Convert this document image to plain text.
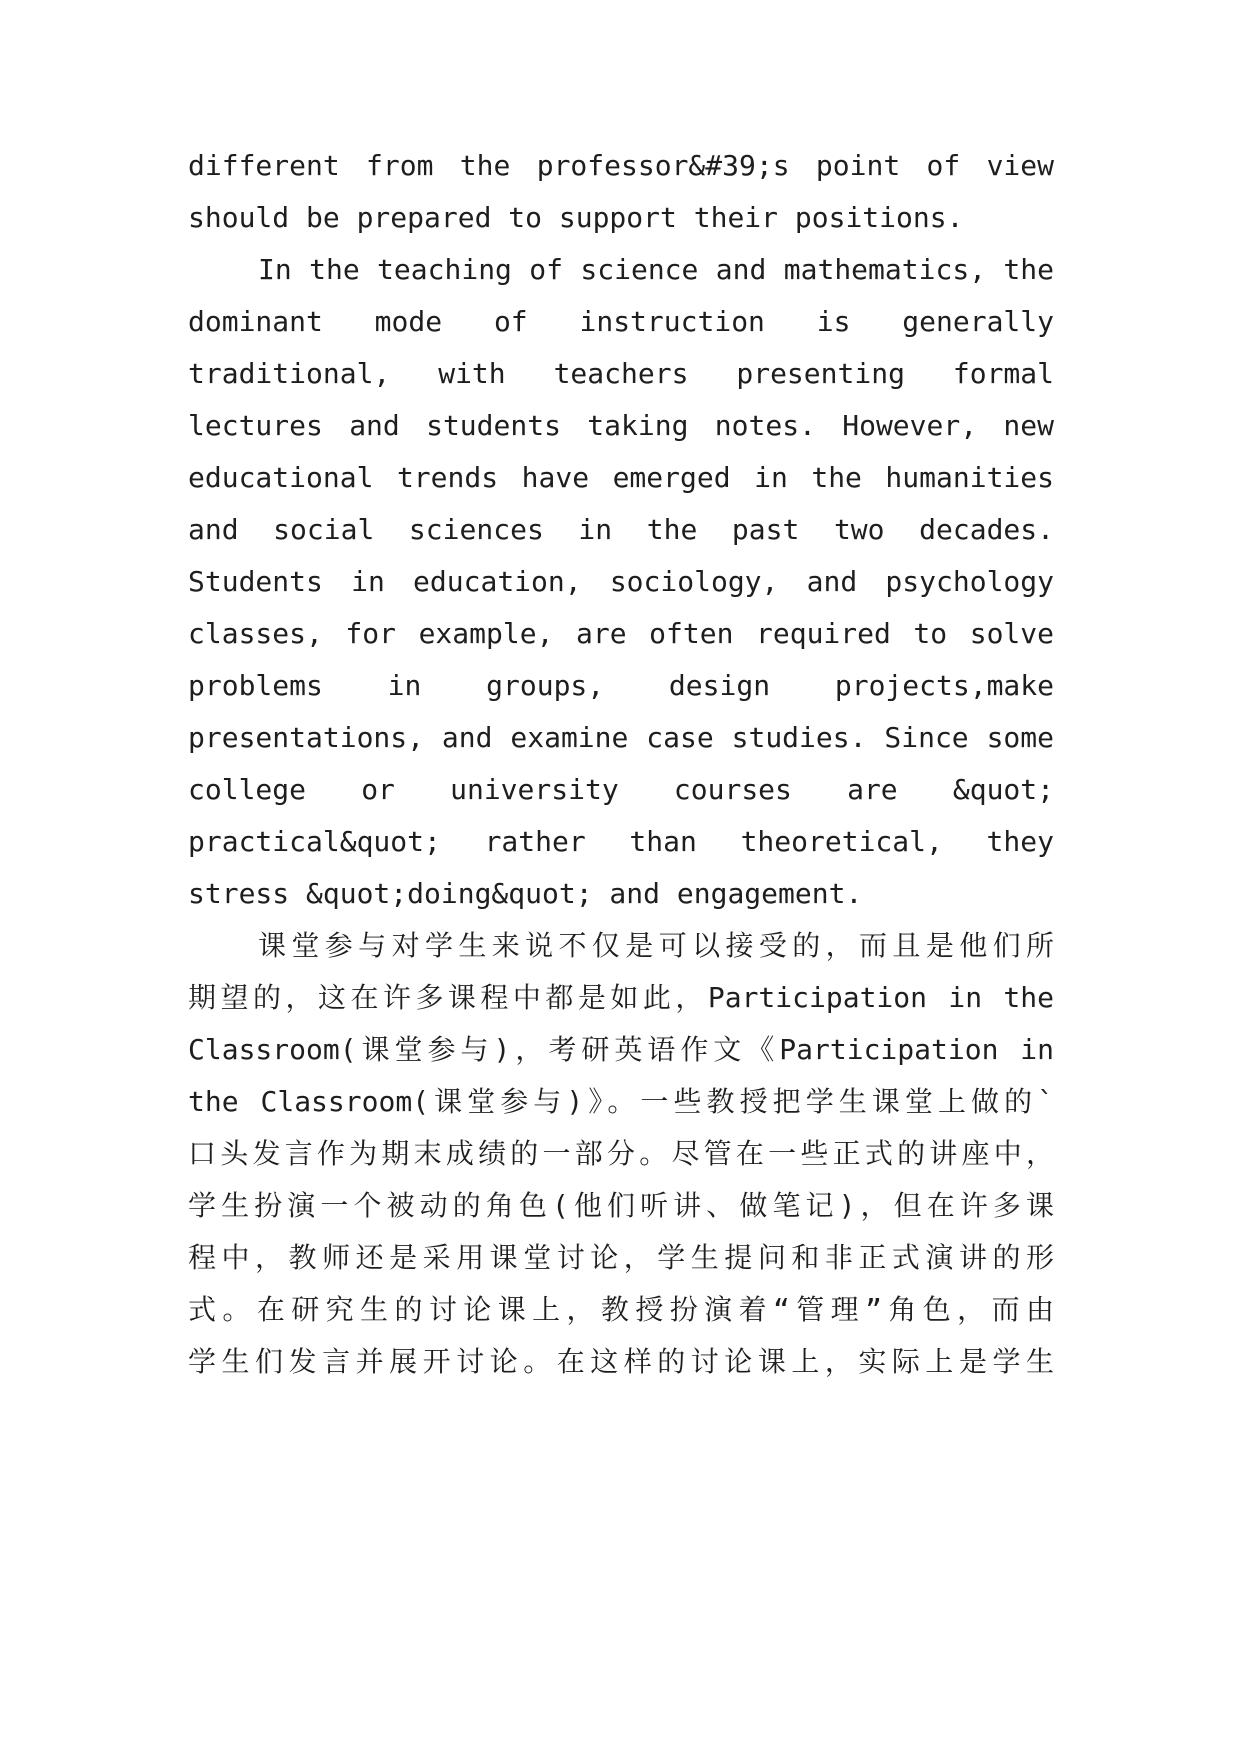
different from the professor&#39;s point of view
should be prepared to support their positions.
In the teaching of science and mathematics, the
dominant mode of instruction is generally
traditional, with teachers presenting formal
lectures and students taking notes. However, new
educational trends have emerged in the humanities
and social sciences in the past two decades.
Students in education, sociology, and psychology
classes, for example, are often required to solve
problems in groups, design projects,make
presentations, and examine case studies. Since some
college or university courses are &quot;
practical&quot; rather than theoretical, they
stress &quot;doing&quot; and engagement.
课堂参与对学生来说不仅是可以接受的，而且是他们所
期望的，这在许多课程中都是如此，Participation in the
Classroom(课堂参与)，考研英语作文《Participation in
the Classroom(课堂参与)》。一些教授把学生课堂上做的`
口头发言作为期末成绩的一部分。尽管在一些正式的讲座中，
学生扮演一个被动的角色(他们听讲、做笔记)，但在许多课
程中，教师还是采用课堂讨论，学生提问和非正式演讲的形
式。在研究生的讨论课上，教授扮演着“管理”角色，而由
学生们发言并展开讨论。在这样的讨论课上，实际上是学生
